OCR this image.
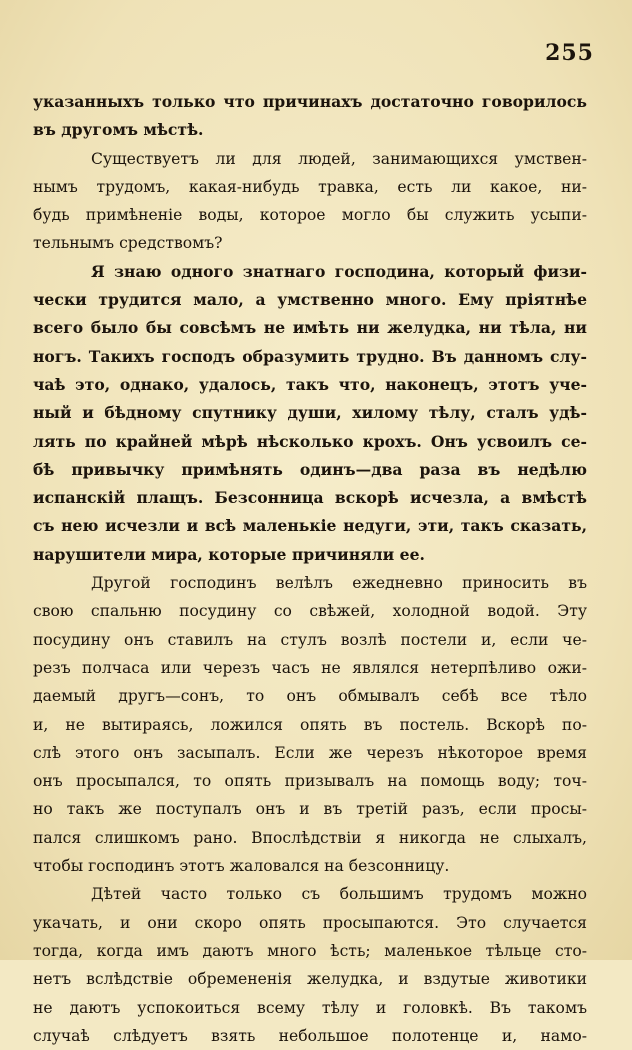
255
указанныхъ только что причинахъ достаточно говорилось
въ другомъ мѣстѣ.
Существуетъ ли для людей, занимающихся умствен-
нымъ трудомъ, какая-нибудь травка, есть ли какое, ни-
будь примѣненіе воды, которое могло бы служить усыпи-
тельнымъ средствомъ?
Я знаю одного знатнаго господина, который физи-
чески трудится мало, а умственно много. Ему пріятнѣе
всего было бы совсѣмъ не имѣть ни желудка, ни тѣла, ни
ногъ. Такихъ господъ образумить трудно. Въ данномъ слу-
чаѣ это, однако, удалось, такъ что, наконецъ, этотъ уче-
ный и бѣдному спутнику души, хилому тѣлу, сталъ удѣ-
лять по крайней мѣрѣ нѣсколько крохъ. Онъ усвоилъ се-
бѣ привычку примѣнять одинъ—два раза въ недѣлю
испанскій плащъ. Безсонница вскорѣ исчезла, а вмѣстѣ
съ нею исчезли и всѣ маленькіе недуги, эти, такъ сказать,
нарушители мира, которые причиняли ее.
Другой господинъ велѣлъ ежедневно приносить въ
свою спальню посудину со свѣжей, холодной водой. Эту
посудину онъ ставилъ на стулъ возлѣ постели и, если че-
резъ полчаса или черезъ часъ не являлся нетерпѣливо ожи-
даемый другъ—сонъ, то онъ обмывалъ себѣ все тѣло
и, не вытираясь, ложился опять въ постель. Вскорѣ по-
слѣ этого онъ засыпалъ. Если же черезъ нѣкоторое время
онъ просыпался, то опять призывалъ на помощь воду; точ-
но такъ же поступалъ онъ и въ третій разъ, если просы-
пался слишкомъ рано. Впослѣдствіи я никогда не слыхалъ,
чтобы господинъ этотъ жаловался на безсонницу.
Дѣтей часто только съ большимъ трудомъ можно
укачать, и они скоро опять просыпаются. Это случается
тогда, когда имъ даютъ много ѣсть; маленькое тѣльце сто-
нетъ вслѣдствіе обремененія желудка, и вздутые животики
не даютъ успокоиться всему тѣлу и головкѣ. Въ такомъ
случаѣ слѣдуетъ взять небольшое полотенце и, намо-
